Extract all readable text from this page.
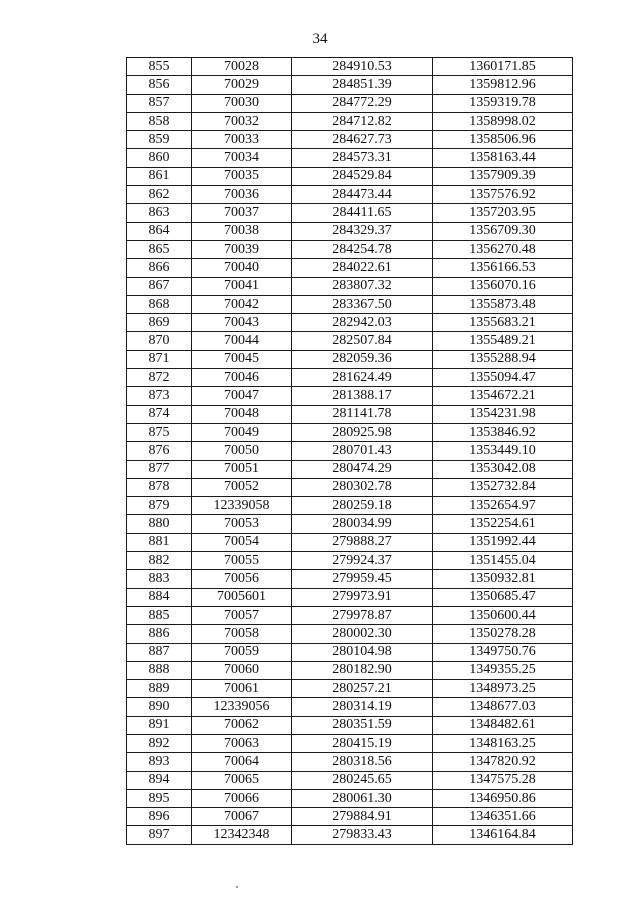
34
855	70028	284910.53	1360171.85
856	70029	284851.39	1359812.96
857	70030	284772.29	1359319.78
858	70032	284712.82	1358998.02
859	70033	284627.73	1358506.96
860	70034	284573.31	1358163.44
861	70035	284529.84	1357909.39
862	70036	284473.44	1357576.92
863	70037	284411.65	1357203.95
864	70038	284329.37	1356709.30
865	70039	284254.78	1356270.48
866	70040	284022.61	1356166.53
867	70041	283807.32	1356070.16
868	70042	283367.50	1355873.48
869	70043	282942.03	1355683.21
870	70044	282507.84	1355489.21
871	70045	282059.36	1355288.94
872	70046	281624.49	1355094.47
873	70047	281388.17	1354672.21
874	70048	281141.78	1354231.98
875	70049	280925.98	1353846.92
876	70050	280701.43	1353449.10
877	70051	280474.29	1353042.08
878	70052	280302.78	1352732.84
879	12339058	280259.18	1352654.97
880	70053	280034.99	1352254.61
881	70054	279888.27	1351992.44
882	70055	279924.37	1351455.04
883	70056	279959.45	1350932.81
884	7005601	279973.91	1350685.47
885	70057	279978.87	1350600.44
886	70058	280002.30	1350278.28
887	70059	280104.98	1349750.76
888	70060	280182.90	1349355.25
889	70061	280257.21	1348973.25
890	12339056	280314.19	1348677.03
891	70062	280351.59	1348482.61
892	70063	280415.19	1348163.25
893	70064	280318.56	1347820.92
894	70065	280245.65	1347575.28
895	70066	280061.30	1346950.86
896	70067	279884.91	1346351.66
897	12342348	279833.43	1346164.84
